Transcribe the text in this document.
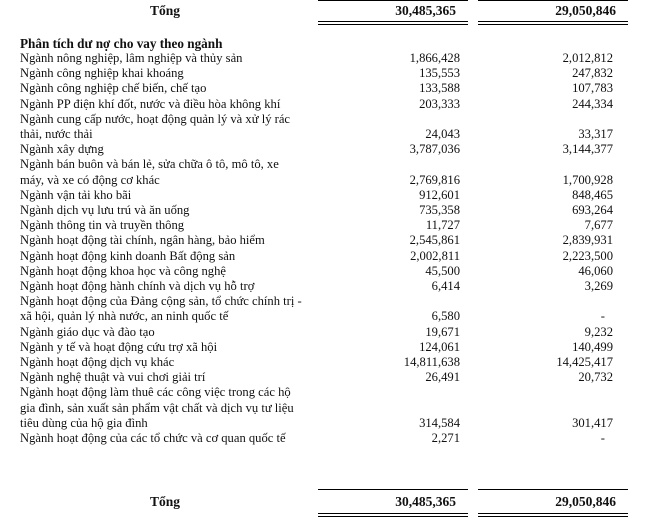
Tổng	30,485,365	29,050,846
Phân tích dư nợ cho vay theo ngành
Ngành nông nghiệp, lâm nghiệp và thủy sản	1,866,428	2,012,812
Ngành công nghiệp khai khoáng	135,553	247,832
Ngành công nghiệp chế biến, chế tạo	133,588	107,783
Ngành PP điện khí đốt, nước và điều hòa không khí	203,333	244,334
Ngành cung cấp nước, hoạt động quản lý và xử lý rác thải, nước thải	24,043	33,317
Ngành xây dựng	3,787,036	3,144,377
Ngành bán buôn và bán lẻ, sửa chữa ô tô, mô tô, xe máy, và xe có động cơ khác	2,769,816	1,700,928
Ngành vận tải kho bãi	912,601	848,465
Ngành dịch vụ lưu trú và ăn uống	735,358	693,264
Ngành thông tin và truyền thông	11,727	7,677
Ngành hoạt động tài chính, ngân hàng, bảo hiểm	2,545,861	2,839,931
Ngành hoạt động kinh doanh Bất động sản	2,002,811	2,223,500
Ngành hoạt động khoa học và công nghệ	45,500	46,060
Ngành hoạt động hành chính và dịch vụ hỗ trợ	6,414	3,269
Ngành hoạt động của Đảng cộng sản, tổ chức chính trị - xã hội, quản lý nhà nước, an ninh quốc tế	6,580	-
Ngành giáo dục và đào tạo	19,671	9,232
Ngành y tế và hoạt động cứu trợ xã hội	124,061	140,499
Ngành hoạt động dịch vụ khác	14,811,638	14,425,417
Ngành nghệ thuật và vui chơi giải trí	26,491	20,732
Ngành hoạt động làm thuê các công việc trong các hộ gia đình, sản xuất sản phẩm vật chất và dịch vụ tư liệu tiêu dùng của hộ gia đình	314,584	301,417
Ngành hoạt động của các tổ chức và cơ quan quốc tế	2,271	-
Tổng	30,485,365	29,050,846
